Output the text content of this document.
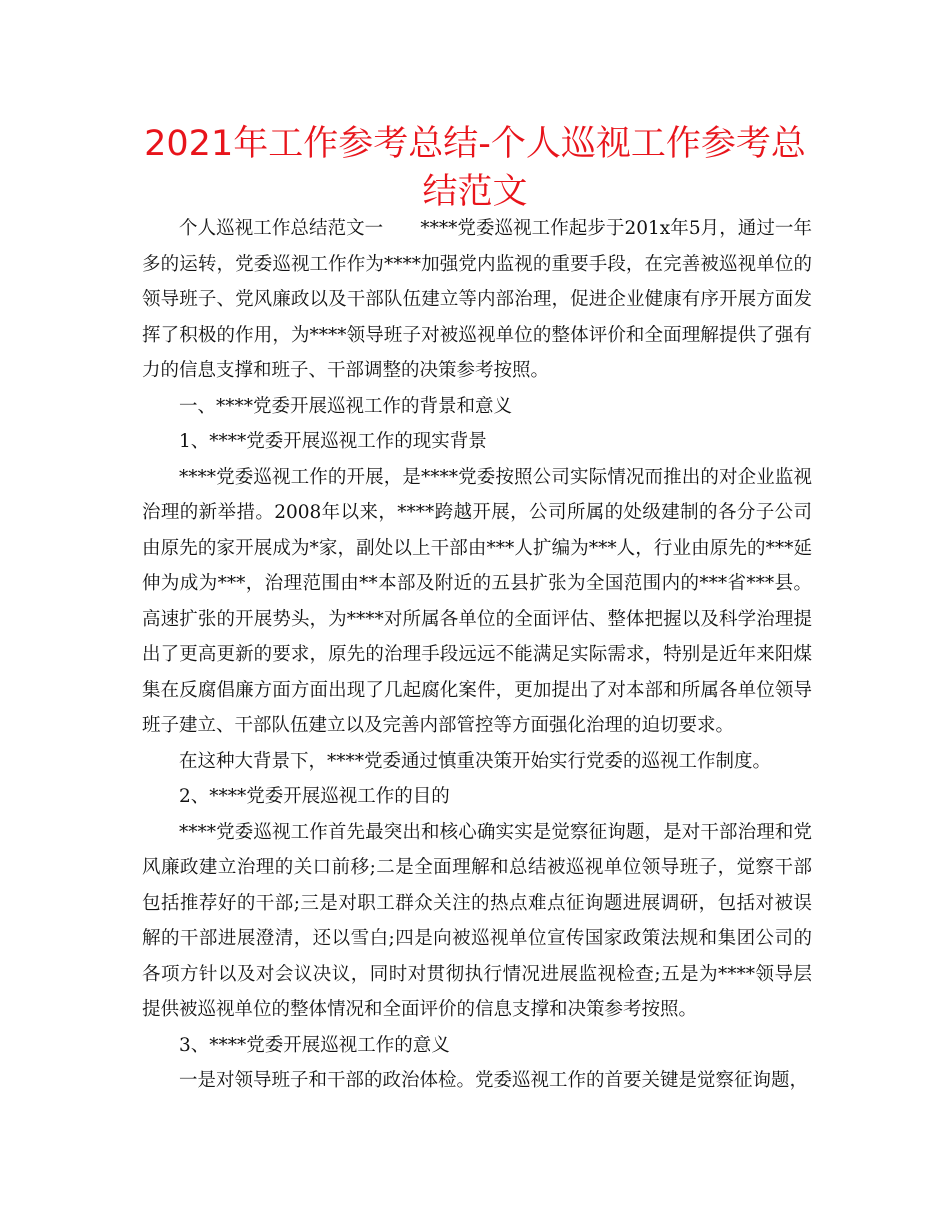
2021年工作参考总结-个人巡视工作参考总结范文

个人巡视工作总结范文一　　****党委巡视工作起步于201x年5月，通过一年多的运转，党委巡视工作作为****加强党内监视的重要手段，在完善被巡视单位的领导班子、党风廉政以及干部队伍建立等内部治理，促进企业健康有序开展方面发挥了积极的作用，为****领导班子对被巡视单位的整体评价和全面理解提供了强有力的信息支撑和班子、干部调整的决策参考按照。

一、****党委开展巡视工作的背景和意义

1、****党委开展巡视工作的现实背景

****党委巡视工作的开展，是****党委按照公司实际情况而推出的对企业监视治理的新举措。2008年以来，****跨越开展，公司所属的处级建制的各分子公司由原先的家开展成为*家，副处以上干部由***人扩编为***人，行业由原先的***延伸为成为***，治理范围由**本部及附近的五县扩张为全国范围内的***省***县。高速扩张的开展势头，为****对所属各单位的全面评估、整体把握以及科学治理提出了更高更新的要求，原先的治理手段远远不能满足实际需求，特别是近年来阳煤集在反腐倡廉方面方面出现了几起腐化案件，更加提出了对本部和所属各单位领导班子建立、干部队伍建立以及完善内部管控等方面强化治理的迫切要求。

在这种大背景下，****党委通过慎重决策开始实行党委的巡视工作制度。

2、****党委开展巡视工作的目的

****党委巡视工作首先最突出和核心确实实是觉察征询题，是对干部治理和党风廉政建立治理的关口前移;二是全面理解和总结被巡视单位领导班子，觉察干部包括推荐好的干部;三是对职工群众关注的热点难点征询题进展调研，包括对被误解的干部进展澄清，还以雪白;四是向被巡视单位宣传国家政策法规和集团公司的各项方针以及对会议决议，同时对贯彻执行情况进展监视检查;五是为****领导层提供被巡视单位的整体情况和全面评价的信息支撑和决策参考按照。

3、****党委开展巡视工作的意义

一是对领导班子和干部的政治体检。党委巡视工作的首要关键是觉察征询题，
